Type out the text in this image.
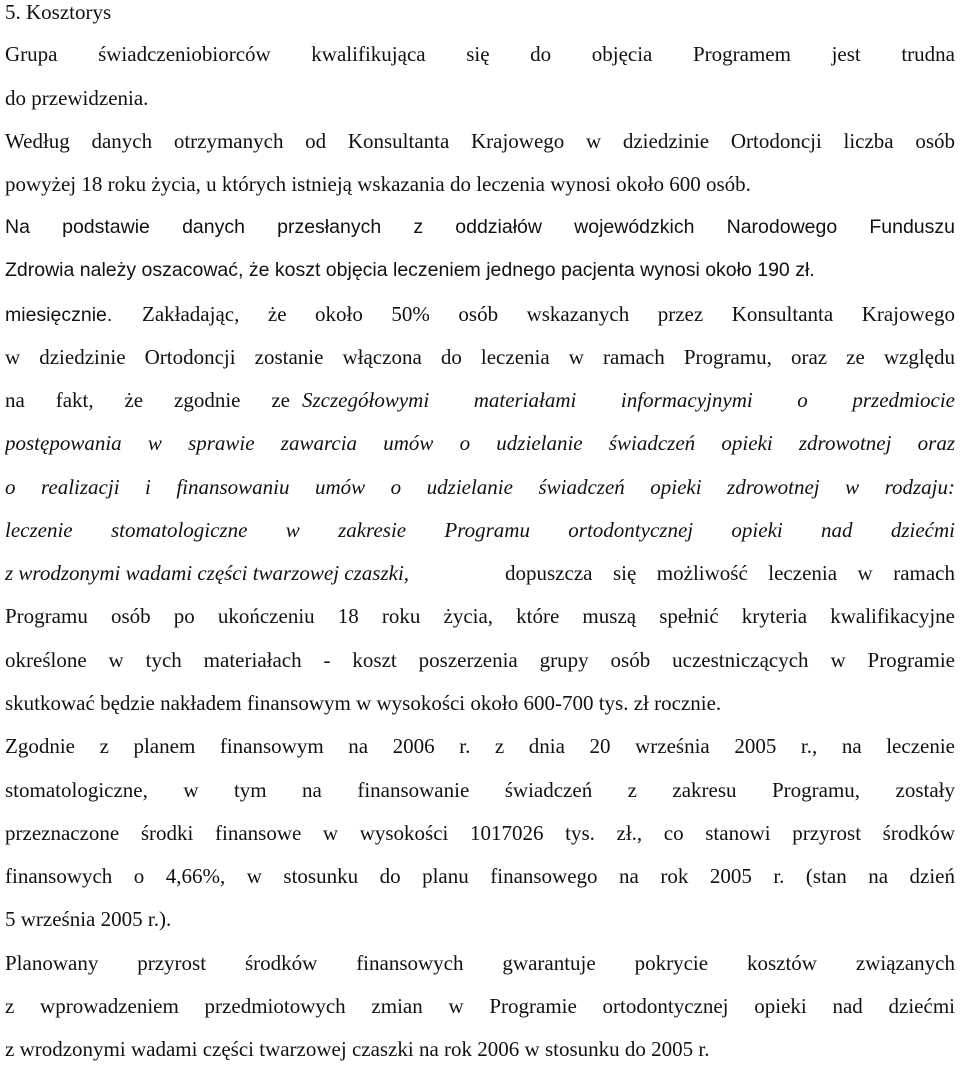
5. Kosztorys
Grupa świadczeniobiorców kwalifikująca się do objęcia Programem jest trudna
do przewidzenia.
Według danych otrzymanych od Konsultanta Krajowego w dziedzinie Ortodoncji liczba osób
powyżej 18 roku życia, u których istnieją wskazania do leczenia wynosi około 600 osób.
Na podstawie danych przesłanych z oddziałów wojewódzkich Narodowego Funduszu
Zdrowia należy oszacować, że koszt objęcia leczeniem jednego pacjenta wynosi około 190 zł.
miesięcznie. Zakładając, że około 50% osób wskazanych przez Konsultanta Krajowego
w dziedzinie Ortodoncji zostanie włączona do leczenia w ramach Programu, oraz ze względu
na fakt, że zgodnie ze Szczegółowymi materiałami informacyjnymi o przedmiocie
postępowania w sprawie zawarcia umów o udzielanie świadczeń opieki zdrowotnej oraz
o realizacji i finansowaniu umów o udzielanie świadczeń opieki zdrowotnej w rodzaju:
leczenie stomatologiczne w zakresie Programu ortodontycznej opieki nad dziećmi
z wrodzonymi wadami części twarzowej czaszki,	dopuszcza się możliwość leczenia w ramach
Programu osób po ukończeniu 18 roku życia, które muszą spełnić kryteria kwalifikacyjne
określone w tych materiałach - koszt poszerzenia grupy osób uczestniczących w Programie
skutkować będzie nakładem finansowym w wysokości około 600-700 tys. zł rocznie.
Zgodnie z planem finansowym na 2006 r. z dnia 20 września 2005 r., na leczenie
stomatologiczne, w tym na finansowanie świadczeń z zakresu Programu, zostały
przeznaczone środki finansowe w wysokości 1017026 tys. zł., co stanowi przyrost środków
finansowych o 4,66%, w stosunku do planu finansowego na rok 2005 r. (stan na dzień
5 września 2005 r.).
Planowany przyrost środków finansowych gwarantuje pokrycie kosztów związanych
z wprowadzeniem przedmiotowych zmian w Programie ortodontycznej opieki nad dziećmi
z wrodzonymi wadami części twarzowej czaszki na rok 2006 w stosunku do 2005 r.
